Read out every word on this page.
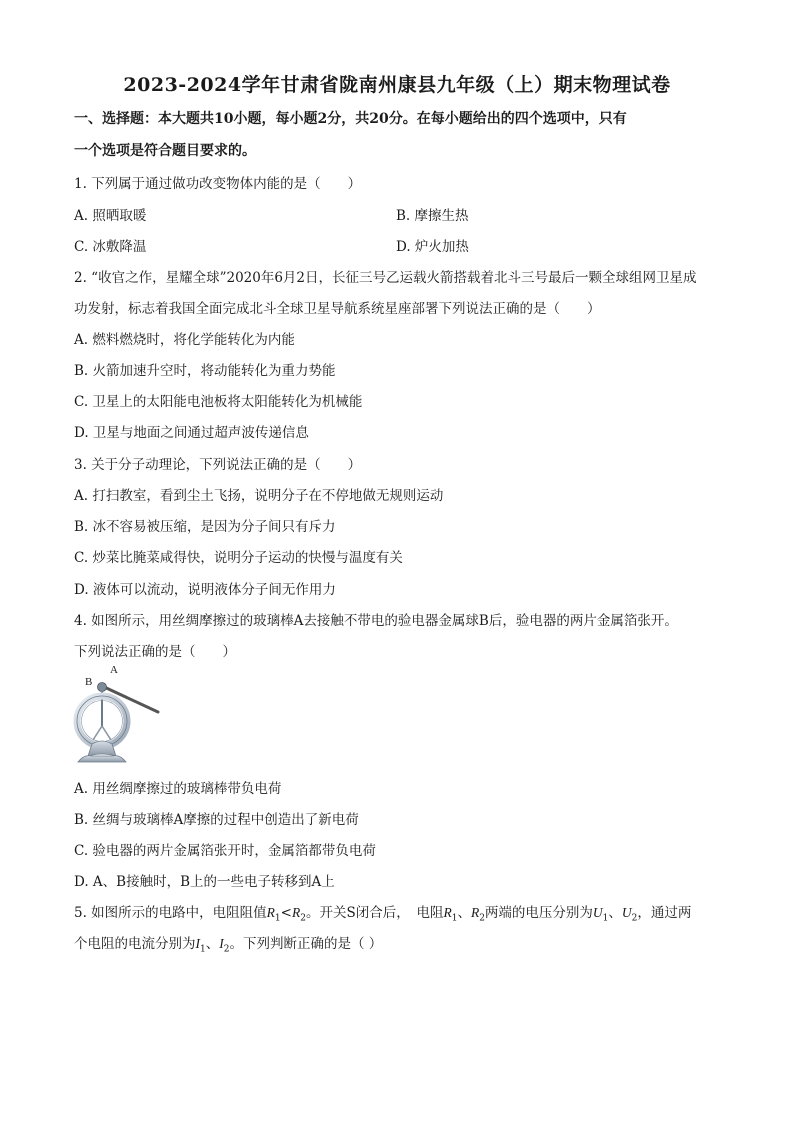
2023-2024学年甘肃省陇南州康县九年级（上）期末物理试卷
一、选择题：本大题共10小题，每小题2分，共20分。在每小题给出的四个选项中，只有
一个选项是符合题目要求的。
1. 下列属于通过做功改变物体内能的是（　　）
A. 照晒取暖	B. 摩擦生热
C. 冰敷降温	D. 炉火加热
2. “收官之作，星耀全球”2020年6月2日，长征三号乙运载火箭搭载着北斗三号最后一颗全球组网卫星成
功发射，标志着我国全面完成北斗全球卫星导航系统星座部署下列说法正确的是（　　）
A. 燃料燃烧时，将化学能转化为内能
B. 火箭加速升空时，将动能转化为重力势能
C. 卫星上的太阳能电池板将太阳能转化为机械能
D. 卫星与地面之间通过超声波传递信息
3. 关于分子动理论，下列说法正确的是（　　）
A. 打扫教室，看到尘土飞扬，说明分子在不停地做无规则运动
B. 冰不容易被压缩，是因为分子间只有斥力
C. 炒菜比腌菜咸得快，说明分子运动的快慢与温度有关
D. 液体可以流动，说明液体分子间无作用力
4. 如图所示，用丝绸摩擦过的玻璃棒A去接触不带电的验电器金属球B后，验电器的两片金属箔张开。
下列说法正确的是（　　）
A
B
A. 用丝绸摩擦过的玻璃棒带负电荷
B. 丝绸与玻璃棒A摩擦的过程中创造出了新电荷
C. 验电器的两片金属箔张开时，金属箔都带负电荷
D. A、B接触时，B上的一些电子转移到A上
5. 如图所示的电路中，电阻阻值$R_1<R_2$。开关S闭合后，　电阻$R_1$、$R_2$两端的电压分别为$U_1$、$U_2$，通过两
个电阻的电流分别为$I_1$、$I_2$。下列判断正确的是（ ）
